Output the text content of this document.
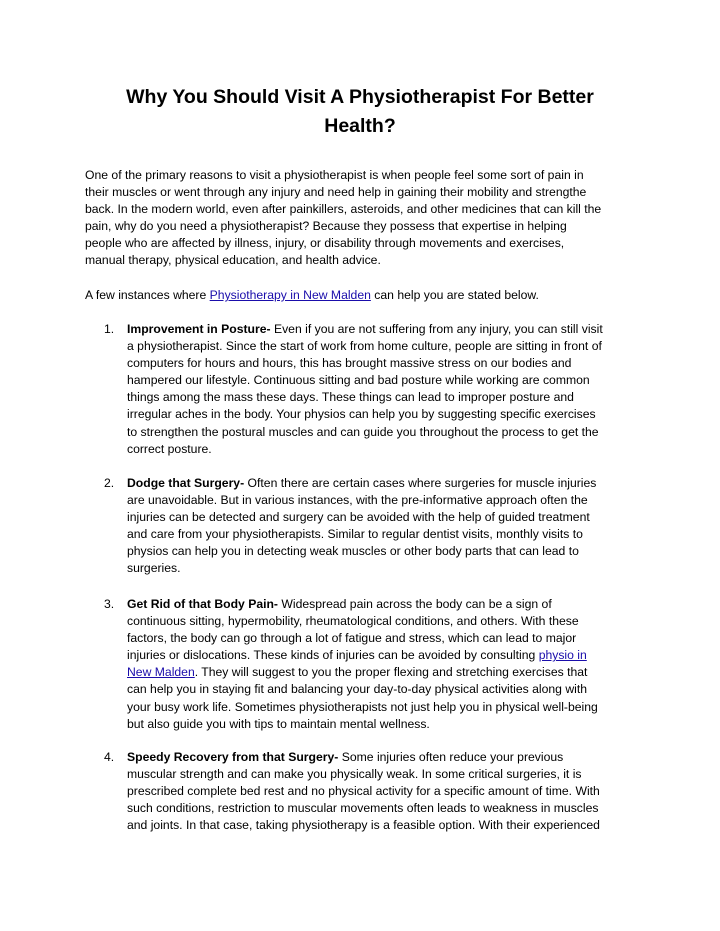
Why You Should Visit A Physiotherapist For Better
Health?

One of the primary reasons to visit a physiotherapist is when people feel some sort of pain in
their muscles or went through any injury and need help in gaining their mobility and strengthe
back. In the modern world, even after painkillers, asteroids, and other medicines that can kill the
pain, why do you need a physiotherapist? Because they possess that expertise in helping
people who are affected by illness, injury, or disability through movements and exercises,
manual therapy, physical education, and health advice.

A few instances where Physiotherapy in New Malden can help you are stated below.

1. Improvement in Posture- Even if you are not suffering from any injury, you can still visit
a physiotherapist. Since the start of work from home culture, people are sitting in front of
computers for hours and hours, this has brought massive stress on our bodies and
hampered our lifestyle. Continuous sitting and bad posture while working are common
things among the mass these days. These things can lead to improper posture and
irregular aches in the body. Your physios can help you by suggesting specific exercises
to strengthen the postural muscles and can guide you throughout the process to get the
correct posture.
2. Dodge that Surgery- Often there are certain cases where surgeries for muscle injuries
are unavoidable. But in various instances, with the pre-informative approach often the
injuries can be detected and surgery can be avoided with the help of guided treatment
and care from your physiotherapists. Similar to regular dentist visits, monthly visits to
physios can help you in detecting weak muscles or other body parts that can lead to
surgeries.
3. Get Rid of that Body Pain- Widespread pain across the body can be a sign of
continuous sitting, hypermobility, rheumatological conditions, and others. With these
factors, the body can go through a lot of fatigue and stress, which can lead to major
injuries or dislocations. These kinds of injuries can be avoided by consulting physio in
New Malden. They will suggest to you the proper flexing and stretching exercises that
can help you in staying fit and balancing your day-to-day physical activities along with
your busy work life. Sometimes physiotherapists not just help you in physical well-being
but also guide you with tips to maintain mental wellness.
4. Speedy Recovery from that Surgery- Some injuries often reduce your previous
muscular strength and can make you physically weak. In some critical surgeries, it is
prescribed complete bed rest and no physical activity for a specific amount of time. With
such conditions, restriction to muscular movements often leads to weakness in muscles
and joints. In that case, taking physiotherapy is a feasible option. With their experienced
